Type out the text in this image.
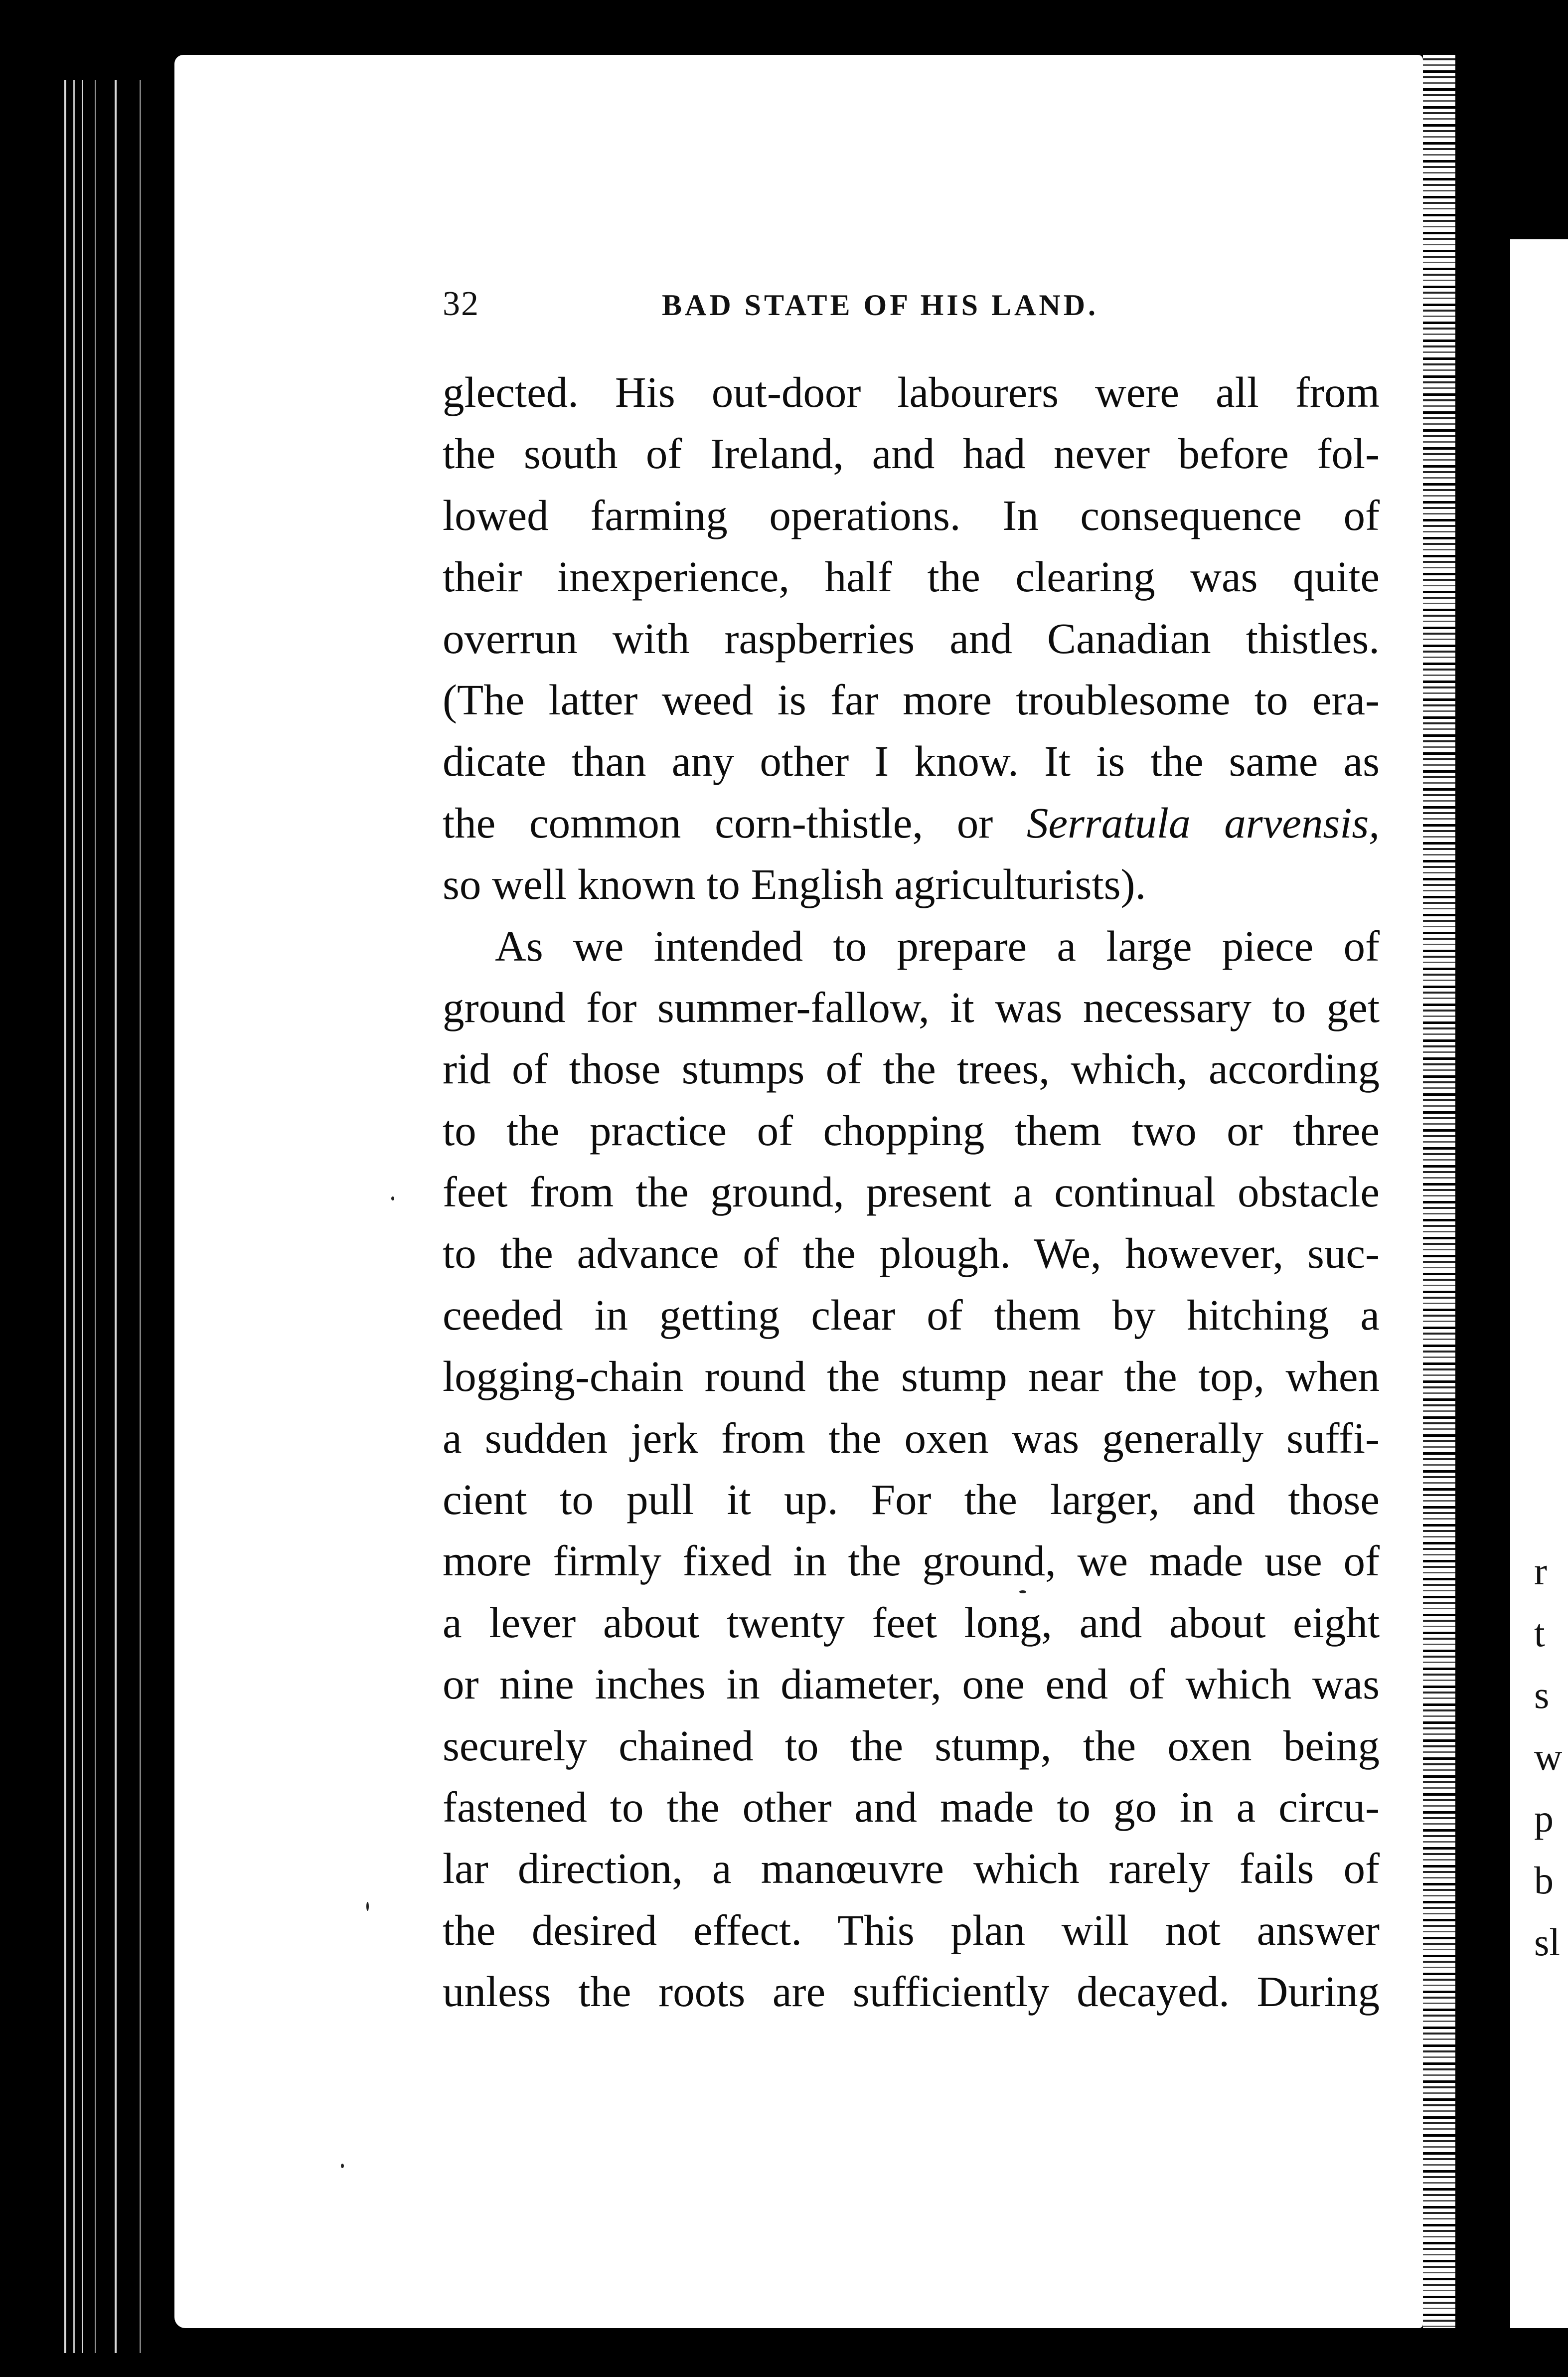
r
t
s
w
p
b
sl
32	BAD STATE OF HIS LAND.
glected. His out-door labourers were all from
the south of Ireland, and had never before fol-
lowed farming operations. In consequence of
their inexperience, half the clearing was quite
overrun with raspberries and Canadian thistles.
(The latter weed is far more troublesome to era-
dicate than any other I know. It is the same as
the common corn-thistle, or Serratula arvensis,
so well known to English agriculturists).
As we intended to prepare a large piece of
ground for summer-fallow, it was necessary to get
rid of those stumps of the trees, which, according
to the practice of chopping them two or three
feet from the ground, present a continual obstacle
to the advance of the plough. We, however, suc-
ceeded in getting clear of them by hitching a
logging-chain round the stump near the top, when
a sudden jerk from the oxen was generally suffi-
cient to pull it up. For the larger, and those
more firmly fixed in the ground, we made use of
a lever about twenty feet long, and about eight
or nine inches in diameter, one end of which was
securely chained to the stump, the oxen being
fastened to the other and made to go in a circu-
lar direction, a manœuvre which rarely fails of
the desired effect. This plan will not answer
unless the roots are sufficiently decayed. During
